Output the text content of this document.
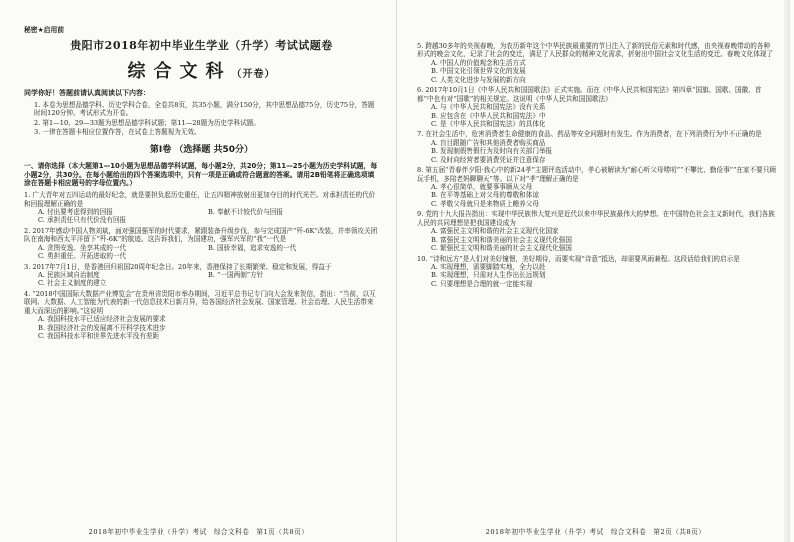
秘密★启用前
贵阳市2018年初中毕业生学业（升学）考试试题卷
综合文科（开卷）
同学你好！答题前请认真阅读以下内容：
1. 本卷为思想品德学科、历史学科合卷，全卷共8页，共35小题，满分150分，其中思想品德75分，历史75分，答题时间120分钟。考试形式为开卷。
2. 第1—10、29—33题为思想品德学科试题；第11—28题为历史学科试题。
3. 一律在答题卡相应位置作答，在试卷上答题视为无效。
第Ⅰ卷 （选择题 共50分）
一、请你选择（本大题第1—10小题为思想品德学科试题，每小题2分，共20分；第11—25小题为历史学科试题，每小题2分，共30分。在每小题给出的四个答案选项中，只有一项是正确或符合题意的答案。请用2B铅笔将正确选项填涂在答题卡相应题号的字母位置内。）
1. 广大青年对五四运动的最好纪念，就是要担负起历史重任，让五四精神放射出更加夺目的时代光芒。对承担责任的代价和回报理解正确的是
A. 付出要考虑得到的回报	B. 奉献不计较代价与回报
C. 承担责任只有代价没有回报
2. 2017年感动中国人物刘斌，面对强国强军的时代要求，紧跟装备升级步伐，参与完成国产“歼-6K”改装，并率领攻关团队在南海和西太平洋留下“歼-6K”的航迹。这告诉我们，为国建功，强军兴军的“我”一代是
A. 贪图安逸、坐享其成的一代	B. 国骄幸福，追求安逸的一代
C. 勇担重任、开拓进取的一代
3. 2017年7月1日，是香港回归祖国20周年纪念日。20年来，香港保持了长期繁荣、稳定和发展，得益于
A. 民族区域自治制度	B. “一国两制”方针
C. 社会主义制度的建立
4. “2018中国国际大数据产业博览会”在贵州省贵阳市举办期间，习近平总书记专门向大会发来贺信，指出：“当前，以互联网、大数据、人工智能为代表的新一代信息技术日新月异，给各国经济社会发展、国家管理、社会治理、人民生活带来重大而深远的影响。”这说明
A. 我国科技水平已适应经济社会发展的要求
B. 我国经济社会的发展离不开科学技术进步
C. 我国科技水平和世界先进水平没有差距
2018年初中毕业生学业（升学）考试　综合文科卷　第1页（共8页）
5. 跨越30多年的央视春晚，为农历新年这个中华民族最重要的节日注入了新的民俗元素和时代感，由央视春晚带动的各种形式的晚会文化，记录了社会的变迁，满足了人民群众的精神文化需求，折射出中国社会文化生活的变迁。春晚文化体现了
A. 中国人的价值观念和生活方式
B. 中国文化引领世界文化的发展
C. 人类文化进步与发展的新方向
6. 2017年10月1日《中华人民共和国国歌法》正式实施。而在《中华人民共和国宪法》第四章“国旗、国歌、国徽、首都”中也有对“国歌”的相关规定。这说明《中华人民共和国国歌法》
A. 与《中华人民共和国宪法》没有关系
B. 应包含在《中华人民共和国宪法》中
C. 是《中华人民共和国宪法》的具体化
7. 在社会生活中，危害消费者生命健康的食品、药品等安全问题时有发生。作为消费者，在下列消费行为中不正确的是
A. 盲目跟随广告和其他消费者购买商品
B. 发现制假售假行为及时向有关部门举报
C. 及时向经营者要消费凭证并注意保存
8. 第五届“青春伴夕阳·我心中的新24孝”主题评选活动中，孝心被解读为“耐心听父母唠叨”“不攀比、勤俭事”“在家不要只顾玩手机，多陪老妈聊聊天”等。以下对“孝”理解正确的是
A. 孝心很简单，就要事事顺从父母
B. 在平等基础上对父母的尊敬和体谅
C. 孝敬父母就只是来物质上赡养父母
9. 党的十九大报告指出：实现中华民族伟大复兴是近代以来中华民族最伟大的梦想。在中国特色社会主义新时代，我们各族人民的共同理想是把我国建设成为
A. 富强民主文明和谐的社会主义现代化国家
B. 富强民主文明和谐美丽的社会主义现代化强国
C. 繁强民主文明和谐美丽的社会主义现代化强国
10. “诗和远方”是人们对美好憧憬，美好期待，而要实现“诗意”抵达，却需要风雨兼程。这段话给我们的启示是
A. 实现理想，需要脚踏实地，全力以赴
B. 实现理想，只需对人生作出长远规划
C. 只要理想是合理的就一定能实现
2018年初中毕业生学业（升学）考试　综合文科卷　第2页（共8页）
